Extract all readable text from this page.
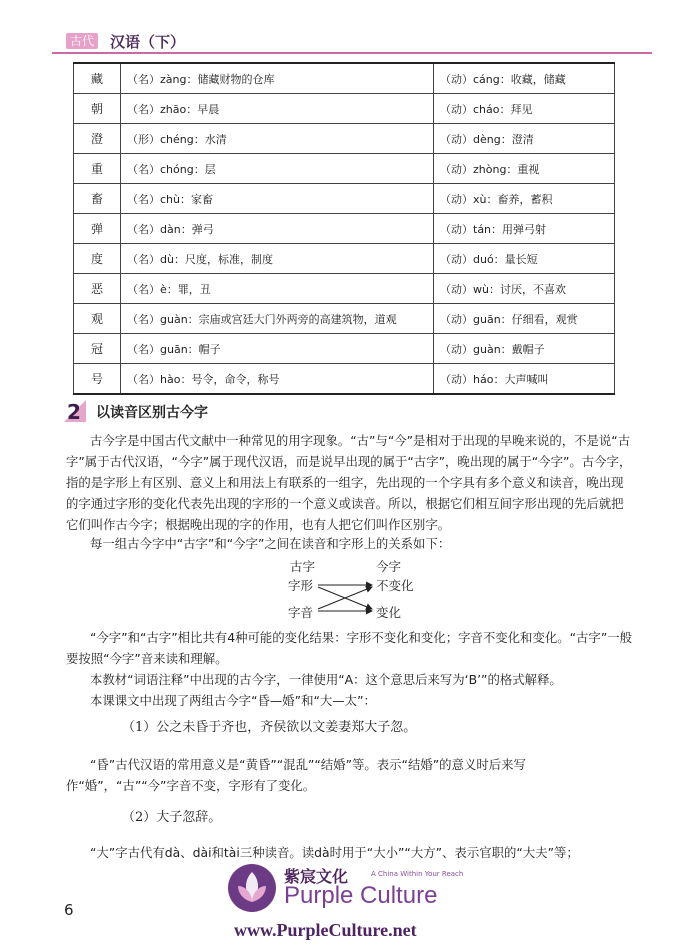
古代 汉语（下）
藏	（名）zàng：储藏财物的仓库	（动）cáng：收藏，储藏
朝	（名）zhāo：早晨	（动）cháo：拜见
澄	（形）chéng：水清	（动）dèng：澄清
重	（名）chóng：层	（动）zhòng：重视
畜	（名）chù：家畜	（动）xù：畜养，蓄积
弹	（名）dàn：弹弓	（动）tán：用弹弓射
度	（名）dù：尺度，标准，制度	（动）duó：量长短
恶	（名）è：罪，丑	（动）wù：讨厌，不喜欢
观	（名）guàn：宗庙或宫廷大门外两旁的高建筑物，道观	（动）guān：仔细看，观赏
冠	（名）guān：帽子	（动）guàn：戴帽子
号	（名）hào：号令，命令，称号	（动）háo：大声喊叫
2 以读音区别古今字

古今字是中国古代文献中一种常见的用字现象。“古”与“今”是相对于出现的早晚来说的，不是说“古字”属于古代汉语，“今字”属于现代汉语，而是说早出现的属于“古字”，晚出现的属于“今字”。古今字，指的是字形上有区别、意义上和用法上有联系的一组字，先出现的一个字具有多个意义和读音，晚出现的字通过字形的变化代表先出现的字形的一个意义或读音。所以，根据它们相互间字形出现的先后就把它们叫作古今字；根据晚出现的字的作用，也有人把它们叫作区别字。

每一组古今字中“古字”和“今字”之间在读音和字形上的关系如下：

古字	今字
字形	不变化
字音	变化

“今字”和“古字”相比共有4种可能的变化结果：字形不变化和变化；字音不变化和变化。“古字”一般要按照“今字”音来读和理解。

本教材“词语注释”中出现的古今字，一律使用“A：这个意思后来写为‘B’”的格式解释。

本课课文中出现了两组古今字“昏—婚”和“大—太”：

（1）公之未昏于齐也，齐侯欲以文姜妻郑大子忽。

“昏”古代汉语的常用意义是“黄昏”“混乱”“结婚”等。表示“结婚”的意义时后来写作“婚”，“古”“今”字音不变，字形有了变化。

（2）大子忽辞。

“大”字古代有dà、dài和tài三种读音。读dà时用于“大小”“大方”、表示官职的“大夫”等；

6
紫宸文化	A China Within Your Reach
Purple Culture
www.PurpleCulture.net
